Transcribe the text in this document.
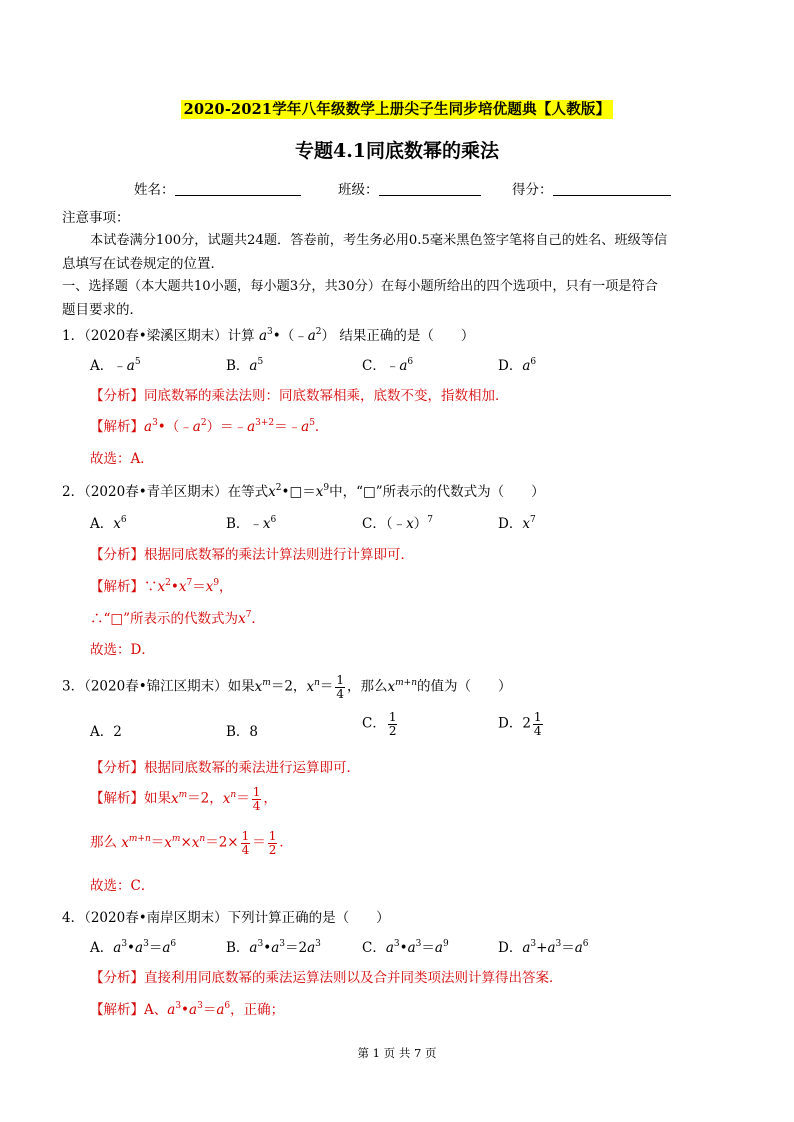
2020-2021学年八年级数学上册尖子生同步培优题典【人教版】
专题4.1同底数幂的乘法
姓名：	班级：	得分：
注意事项：
本试卷满分100分，试题共24题．答卷前，考生务必用0.5毫米黑色签字笔将自己的姓名、班级等信
息填写在试卷规定的位置．
一、选择题（本大题共10小题，每小题3分，共30分）在每小题所给出的四个选项中，只有一项是符合
题目要求的．
1．（2020春•梁溪区期末）计算 $a^3•(﹣a^2)$ 结果正确的是（　　）
A．$﹣a^5$	B．$a^5$	C．$﹣a^6$	D．$a^6$
【分析】同底数幂的乘法法则：同底数幂相乘，底数不变，指数相加．
【解析】$a^3•(﹣a^2)=﹣a^{3+2}=﹣a^5$．
故选：A．
2．（2020春•青羊区期末）在等式$x^2•□=x^9$中，“□”所表示的代数式为（　　）
A．$x^6$	B．$﹣x^6$	C．（﹣x）$^7$	D．$x^7$
【分析】根据同底数幂的乘法计算法则进行计算即可．
【解析】$\because x^2•x^7=x^9$，
∴“□”所表示的代数式为$x^7$．
故选：D．
3．（2020春•锦江区期末）如果$x^m=2$，$x^n= \frac{1}{4}$ ，那么$x^{m+n}$的值为（　　）
A．2	B．8
C． $\frac{1}{2}$	D．$2 \frac{1}{4}$
【分析】根据同底数幂的乘法进行运算即可．
【解析】如果$x^m=2$，$x^n= \frac{1}{4}$ ，
那么 $x^{m+n}=x^m\times x^n=2\times \frac{1}{4} = \frac{1}{2}$ ．
故选：C．
4．（2020春•南岸区期末）下列计算正确的是（　　）
A．$a^3•a^3=a^6$	B．$a^3•a^3=2a^3$	C．$a^3•a^3=a^9$	D．$a^3+a^3=a^6$
【分析】直接利用同底数幂的乘法运算法则以及合并同类项法则计算得出答案．
【解析】A、$a^3•a^3=a^6$，正确；
第 1 页 共 7 页
